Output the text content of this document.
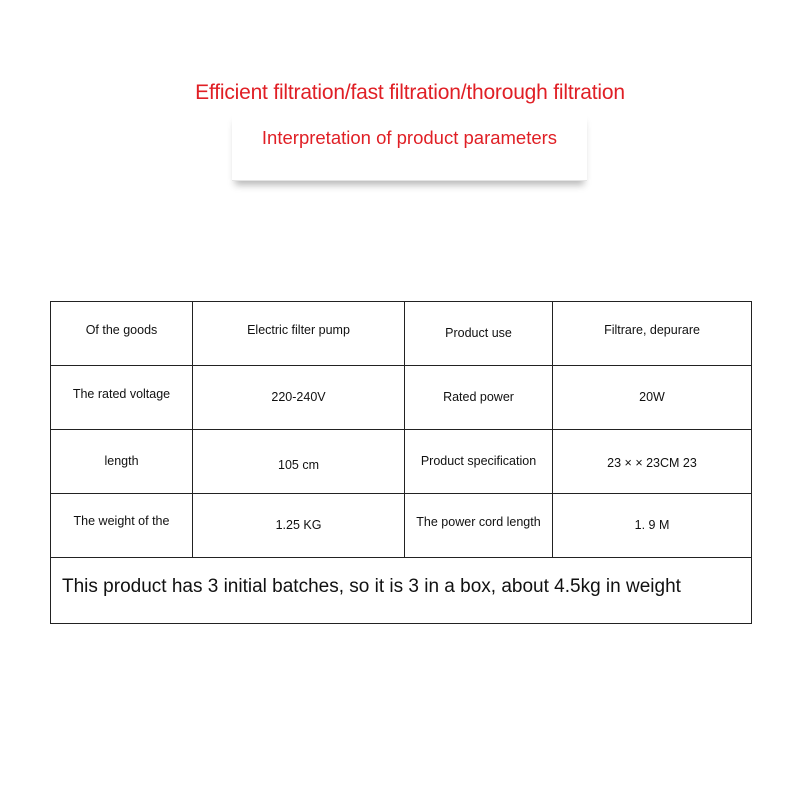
Efficient filtration/fast filtration/thorough filtration
Interpretation of product parameters
Of the goods	Electric filter pump	Product use	Filtrare, depurare
The rated voltage	220-240V	Rated power	20W
length	105 cm	Product specification	23 × × 23CM 23
The weight of the	1.25 KG	The power cord length	1. 9 M
This product has 3 initial batches, so it is 3 in a box, about 4.5kg in weight			
